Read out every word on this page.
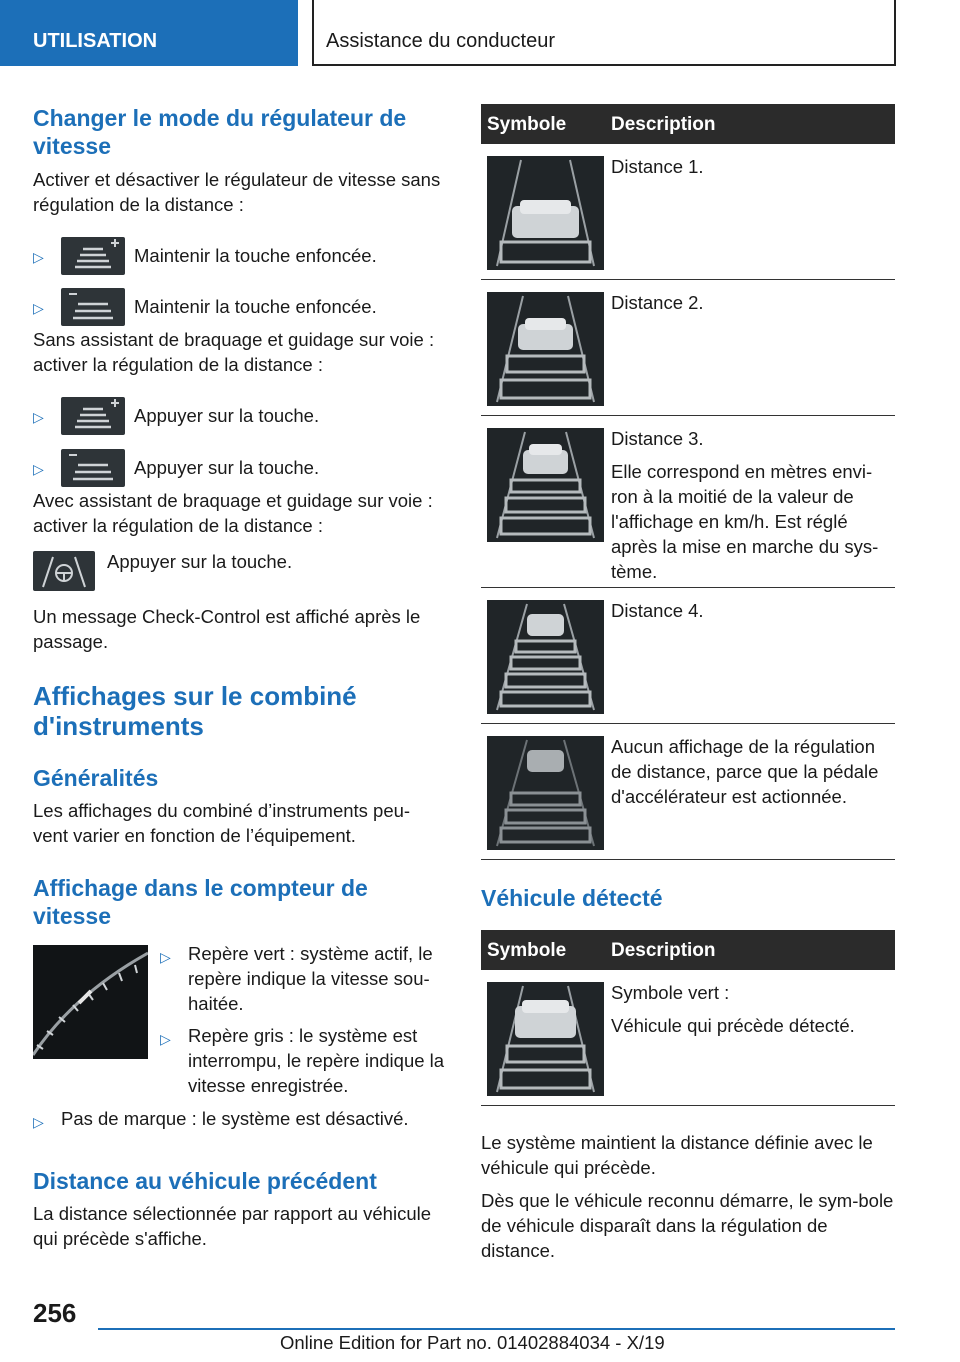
UTILISATION	Assistance du conducteur
Changer le mode du régulateur de vitesse
Activer et désactiver le régulateur de vitesse sans régulation de la distance :
▷	Maintenir la touche enfoncée.
▷	Maintenir la touche enfoncée.
Sans assistant de braquage et guidage sur voie : activer la régulation de la distance :
▷	Appuyer sur la touche.
▷	Appuyer sur la touche.
Avec assistant de braquage et guidage sur voie : activer la régulation de la distance :
Appuyer sur la touche.
Un message Check-Control est affiché après le passage.
Affichages sur le combiné d'instruments
Généralités
Les affichages du combiné d’instruments peu-vent varier en fonction de l’équipement.
Affichage dans le compteur de vitesse
▷ Repère vert : système actif, le repère indique la vitesse sou-haitée.
▷ Repère gris : le système est interrompu, le repère indique la vitesse enregistrée.
▷ Pas de marque : le système est désactivé.
Distance au véhicule précédent
La distance sélectionnée par rapport au véhicule qui précède s'affiche.
Symbole Description

Distance 1.

Distance 2.

Distance 3.

Elle correspond en mètres envi-ron à la moitié de la valeur de l'affichage en km/h. Est réglé après la mise en marche du sys-tème.

Distance 4.

Aucun affichage de la régulation de distance, parce que la pédale d'accélérateur est actionnée.

Véhicule détecté
Symbole Description

Symbole vert :

Véhicule qui précède détecté.

Le système maintient la distance définie avec le véhicule qui précède.
Dès que le véhicule reconnu démarre, le sym-bole de véhicule disparaît dans la régulation de distance.
256
Online Edition for Part no. 01402884034 - X/19
